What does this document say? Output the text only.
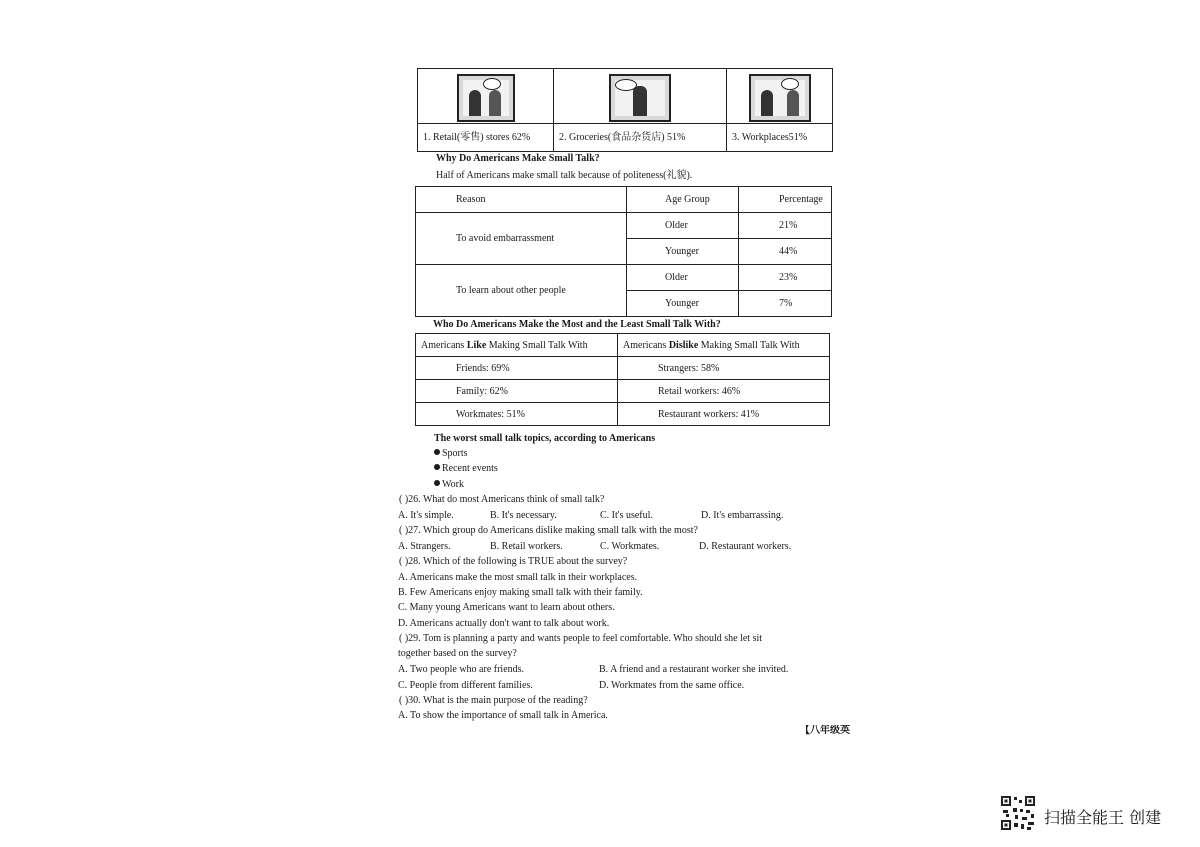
1. Retail(零售) stores 62%	2. Groceries(食品杂货店) 51%	3. Workplaces51%
Why Do Americans Make Small Talk?
Half of Americans make small talk because of politeness(礼貌).
Reason	Age Group	Percentage
To avoid embarrassment	Older	21%
	Younger	44%
To learn about other people	Older	23%
	Younger	7%
Who Do Americans Make the Most and the Least Small Talk With?
Americans Like Making Small Talk With	Americans Dislike Making Small Talk With
Friends: 69%	Strangers: 58%
Family: 62%	Retail workers: 46%
Workmates: 51%	Restaurant workers: 41%
The worst small talk topics, according to Americans
Sports
Recent events
Work
( )26. What do most Americans think of small talk?
A. It's simple.	B. It's necessary.	C. It's useful.	D. It's embarrassing.
( )27. Which group do Americans dislike making small talk with the most?
A. Strangers.	B. Retail workers.	C. Workmates.	D. Restaurant workers.
( )28. Which of the following is TRUE about the survey?
A. Americans make the most small talk in their workplaces.
B. Few Americans enjoy making small talk with their family.
C. Many young Americans want to learn about others.
D. Americans actually don't want to talk about work.
( )29. Tom is planning a party and wants people to feel comfortable. Who should she let sit
together based on the survey?
A. Two people who are friends.	B. A friend and a restaurant worker she invited.
C. People from different families.	D. Workmates from the same office.
( )30. What is the main purpose of the reading?
A. To show the importance of small talk in America.
【八年级英
扫描全能王 创建
